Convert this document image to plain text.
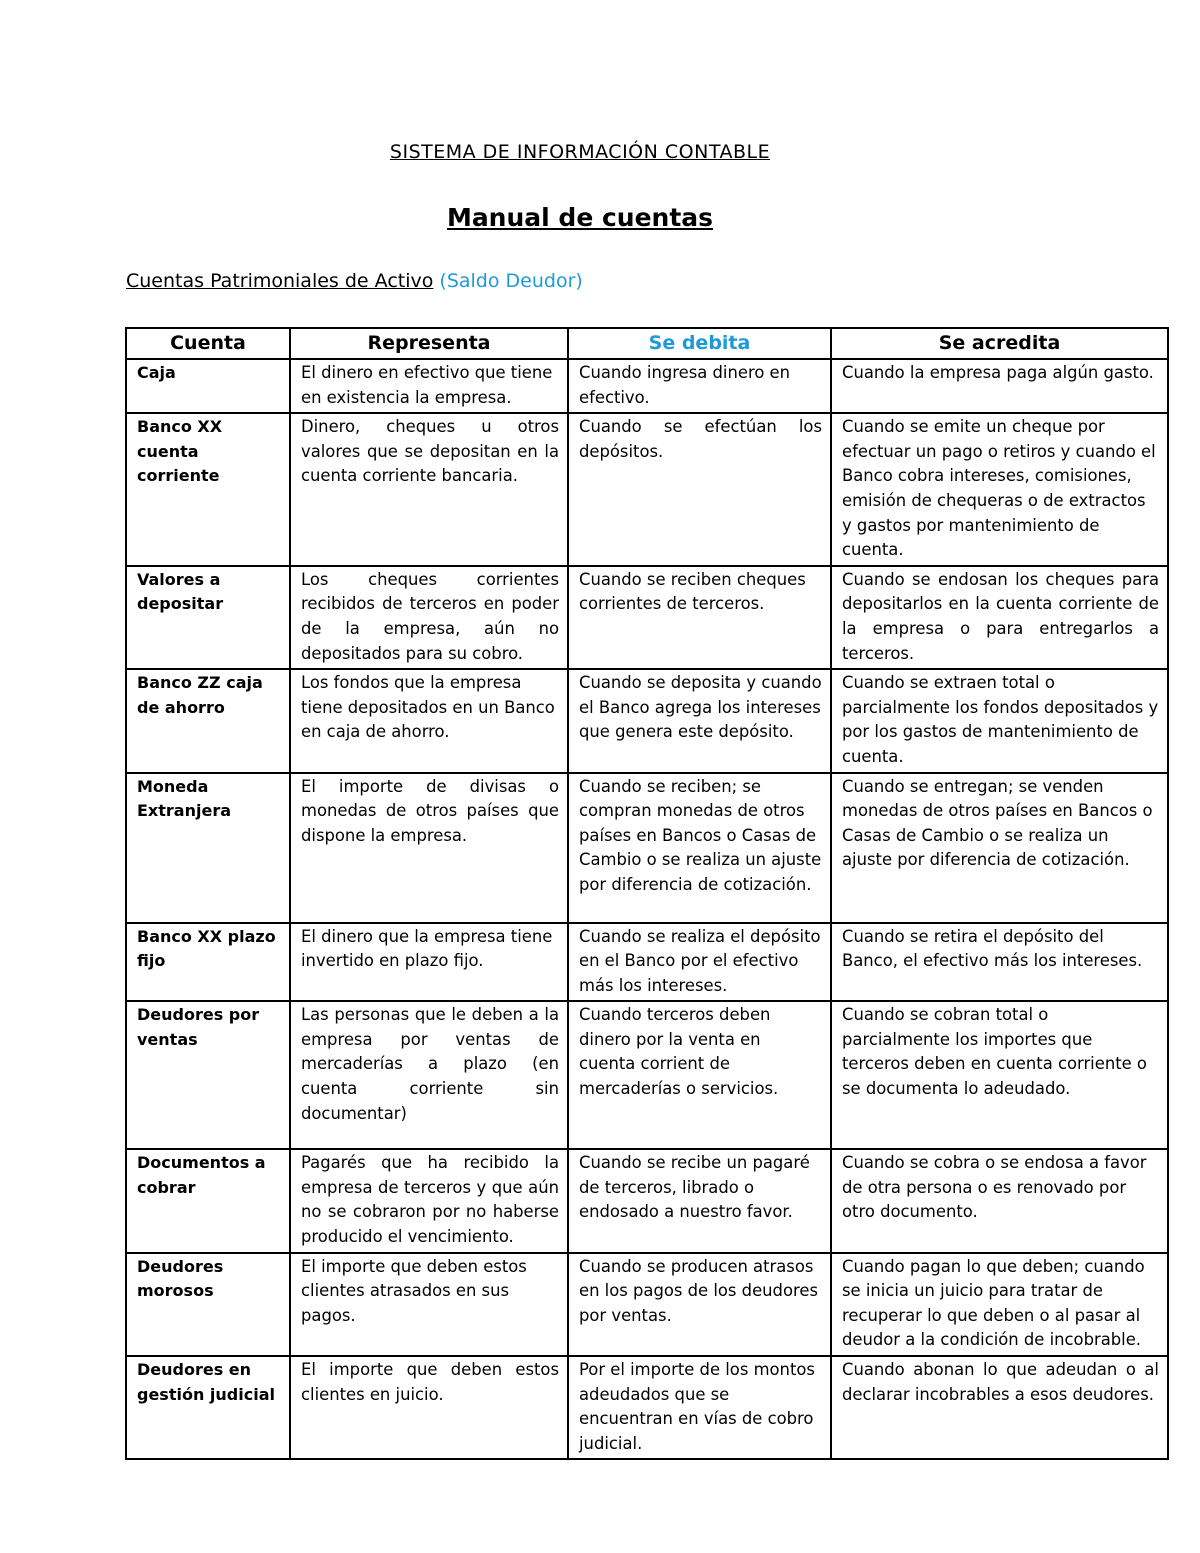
SISTEMA DE INFORMACIÓN CONTABLE
Manual de cuentas
Cuentas Patrimoniales de Activo (Saldo Deudor)
Cuenta	Representa	Se debita	Se acredita
Caja	El dinero en efectivo que tiene en existencia la empresa.	Cuando ingresa dinero en efectivo.	Cuando la empresa paga algún gasto.
Banco XX cuenta corriente	Dinero, cheques u otros valores que se depositan en la cuenta corriente bancaria.	Cuando se efectúan los depósitos.	Cuando se emite un cheque por efectuar un pago o retiros y cuando el Banco cobra intereses, comisiones, emisión de chequeras o de extractos y gastos por mantenimiento de cuenta.
Valores a depositar	Los cheques corrientes recibidos de terceros en poder de la empresa, aún no depositados para su cobro.	Cuando se reciben cheques corrientes de terceros.	Cuando se endosan los cheques para depositarlos en la cuenta corriente de la empresa o para entregarlos a terceros.
Banco ZZ caja de ahorro	Los fondos que la empresa tiene depositados en un Banco en caja de ahorro.	Cuando se deposita y cuando el Banco agrega los intereses que genera este depósito.	Cuando se extraen total o parcialmente los fondos depositados y por los gastos de mantenimiento de cuenta.
Moneda Extranjera	El importe de divisas o monedas de otros países que dispone la empresa.	Cuando se reciben; se compran monedas de otros países en Bancos o Casas de Cambio o se realiza un ajuste por diferencia de cotización.	Cuando se entregan; se venden monedas de otros países en Bancos o Casas de Cambio o se realiza un ajuste por diferencia de cotización.
Banco XX plazo fijo	El dinero que la empresa tiene invertido en plazo fijo.	Cuando se realiza el depósito en el Banco por el efectivo más los intereses.	Cuando se retira el depósito del Banco, el efectivo más los intereses.
Deudores por ventas	Las personas que le deben a la empresa por ventas de mercaderías a plazo (en cuenta corriente sin documentar)	Cuando terceros deben dinero por la venta en cuenta corrient de mercaderías o servicios.	Cuando se cobran total o parcialmente los importes que terceros deben en cuenta corriente o se documenta lo adeudado.
Documentos a cobrar	Pagarés que ha recibido la empresa de terceros y que aún no se cobraron por no haberse producido el vencimiento.	Cuando se recibe un pagaré de terceros, librado o endosado a nuestro favor.	Cuando se cobra o se endosa a favor de otra persona o es renovado por otro documento.
Deudores morosos	El importe que deben estos clientes atrasados en sus pagos.	Cuando se producen atrasos en los pagos de los deudores por ventas.	Cuando pagan lo que deben; cuando se inicia un juicio para tratar de recuperar lo que deben o al pasar al deudor a la condición de incobrable.
Deudores en gestión judicial	El importe que deben estos clientes en juicio.	Por el importe de los montos adeudados que se encuentran en vías de cobro judicial.	Cuando abonan lo que adeudan o al declarar incobrables a esos deudores.
